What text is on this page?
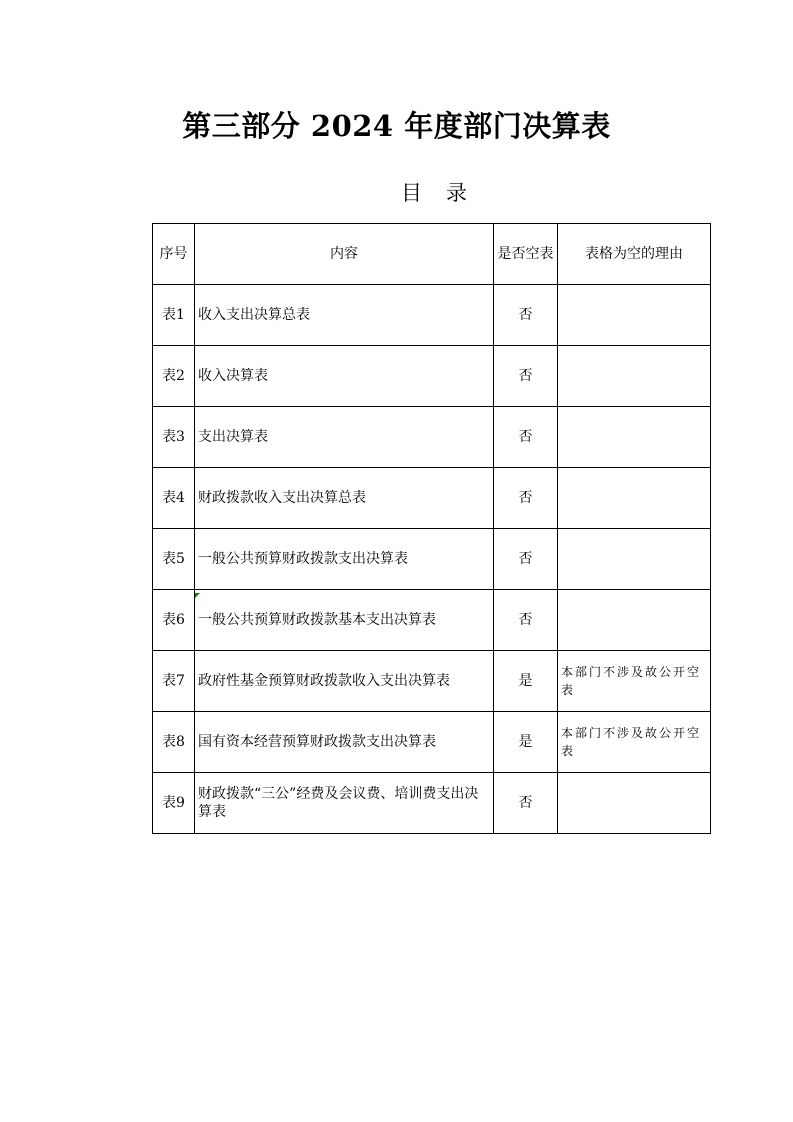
第三部分 2024 年度部门决算表
目 录
序号	内容	是否空表	表格为空的理由
表1	收入支出决算总表	否	
表2	收入决算表	否	
表3	支出决算表	否	
表4	财政拨款收入支出决算总表	否	
表5	一般公共预算财政拨款支出决算表	否	
表6	一般公共预算财政拨款基本支出决算表	否	
表7	政府性基金预算财政拨款收入支出决算表	是	本部门不涉及故公开空表
表8	国有资本经营预算财政拨款支出决算表	是	本部门不涉及故公开空表
表9	财政拨款“三公”经费及会议费、培训费支出决算表	否	
